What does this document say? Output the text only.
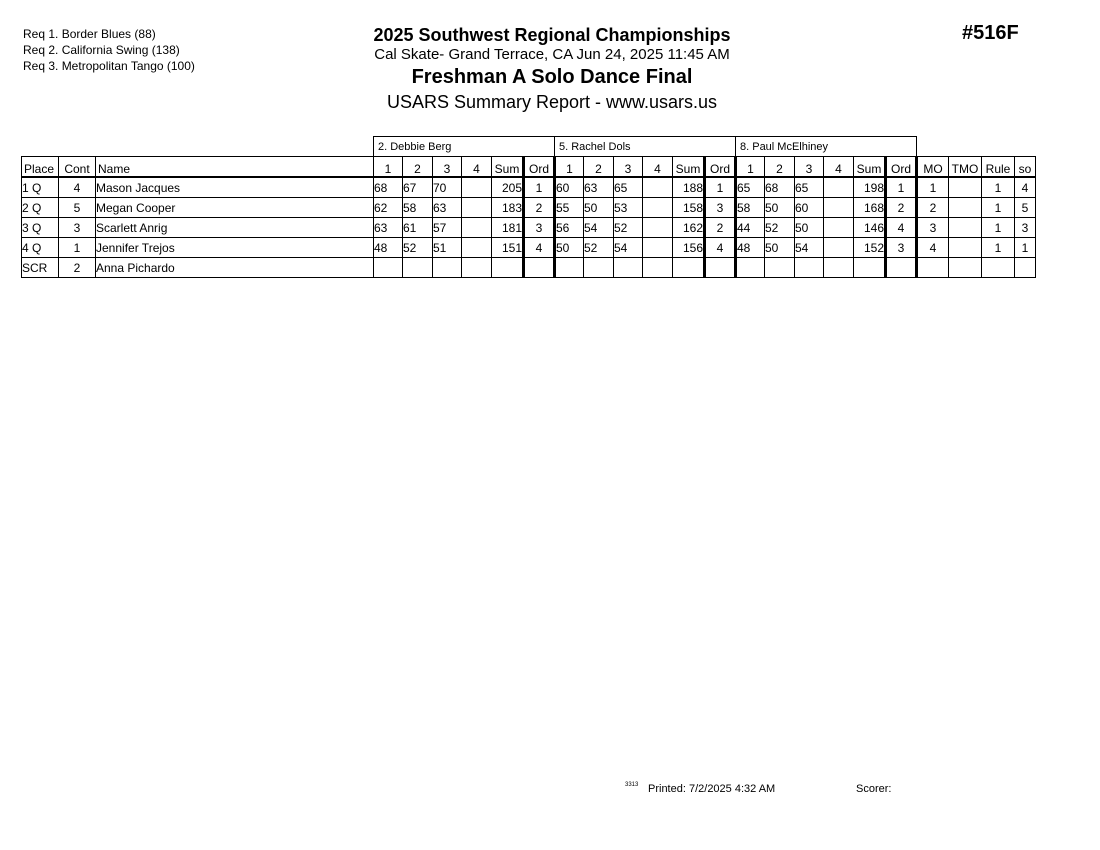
Req 1. Border Blues (88)
Req 2. California Swing (138)
Req 3. Metropolitan Tango (100)
2025 Southwest Regional Championships
Cal Skate- Grand Terrace, CA Jun 24, 2025 11:45 AM
Freshman A Solo Dance Final
USARS Summary Report - www.usars.us
#516F
			2. Debbie Berg						5. Rachel Dols						8. Paul McElhiney									
Place	Cont	Name	1	2	3	4	Sum	Ord	1	2	3	4	Sum	Ord	1	2	3	4	Sum	Ord	MO	TMO	Rule	so
1 Q	4	Mason Jacques	68	67	70		205	1	60	63	65		188	1	65	68	65		198	1	1		1	4
2 Q	5	Megan Cooper	62	58	63		183	2	55	50	53		158	3	58	50	60		168	2	2		1	5
3 Q	3	Scarlett Anrig	63	61	57		181	3	56	54	52		162	2	44	52	50		146	4	3		1	3
4 Q	1	Jennifer Trejos	48	52	51		151	4	50	52	54		156	4	48	50	54		152	3	4		1	1
SCR	2	Anna Pichardo																						
3313 Printed: 7/2/2025 4:32 AM	Scorer:
